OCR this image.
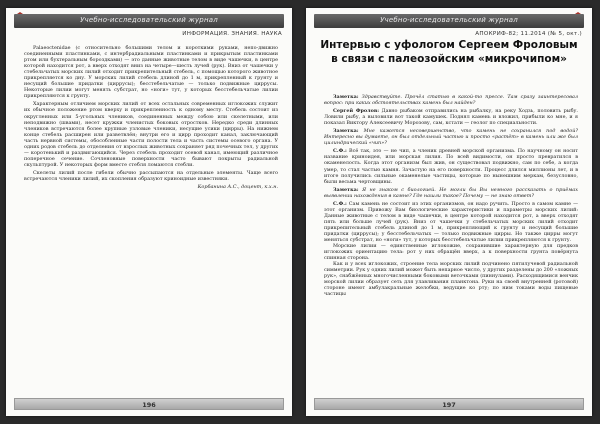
Учебно-исследовательский журнал
ИНФОРМАЦИЯ. ЗНАНИЯ. НАУКА

Palaeoctenidae (с относительно большими телом и короткими руками, непо-движно соединенными пластинками, с интербрадиальными пластинками и прикрытым пластинками ртом или бухтеральным бороздками) — это данные животные телом в виде чашечки, в центре которой находится рот, а вверх отходят вниз на четыре—шесть лучей (рук). Вниз от чашечки у стебельчатых морских лилий отходит прикрепительный стебель, с помощью которого животное прикрепляется ко дну. У морских лилий стебель длиной до 1 м, прикрепленный к грунту и несущий большие придатки (циррусы); бесстебельчатые — только подвижные циррусы. Некоторые лилии могут менять субстрат, но «ноги» тут, у которых бесстебельчатые лилии прикрепляются к грунту.

Характерным отличием морских лилий от всех остальных современных иглокожих служит их обычное положение ртом кверху и прикрепленность к одному месту. Стебель состоит из округленных или 5-угольных члеников, соединенных между собою или скелетными, или неподвижно (швами), несет кружки членистых боковых отростков. Нередко среди длинных члеников встречаются более крупные узловые членики, несущие усики (цирры). На нижнем конце стебель расширен или разветвлён; внутри его и цирр проходит канал, заключающий часть нервной системы, обособленные части полости тела и часть системы осевого органа. У одних родов стебель до отделения от взрослых животных сохраняет ряд почечных тел, у других — коротенький и раздвигающийся. Через стебель проходит осевой канал, имеющий различное поперечное сечение. Сочленовные поверхности часто бывают покрыты радиальной скульптурой. У некоторых форм вместе стебля ломаются стебли.

Скелеты лилий после гибели обычно рассыпаются на отдельные элементы. Чаще всего встречаются членики лилий, их скопления образуют криноидные известняки.

Корбанина А.С., доцент, к.х.н.

196
Учебно-исследовательский журнал
АПОКРИФ-82; 11.2014 (№ 5, окт.)
Интервью с уфологом Сергеем Фроловым в связи с палеозойским «микрочипом»

Заметка: Здравствуйте. Прочёл статью в какой-то прессе. Там сразу заинтересовал вопрос: при каких обстоятельствах камень был найден?

Сергей Фролов: Давно рыбаком отправились на рыбалку, на реку Ходзь, половить рыбу. Ловили рыбу, а выловили вот такой камушек. Поднял камень и вложил, прибыли ко мне, и я показал Виктору Алексеевичу Морозову, сам, кстати — геолог по специальности.

Заметка: Мне кажется несовершенство, что камень не сохранился под водой? Интересно вы думаете, он был отдельный частью и просто «растёт» в камень или же был цилиндрический «чип»?

С.Ф.: Всё так, это — не чип, а членик древней морской организма. По научному он носит название криноидея, или морская лилия. По всей видимости, он просто превратился в окаменелость. Когда этот организм был жив, он существовал подвижно, сам по себе, а когда умер, то стал частью камня. Зачастую на его поверхности. Процесс длился миллионы лет, и в итоге получились сильные окаменелые частицы, которые по нынешним меркам, безусловно, были весьма чертовщины.

Заметка: Я не знаком с биологией. Не могли бы Вы немного рассказать о приёмах выявлении нахождения в камне? Где нашли такое? Почему — не знаю ответ?

С.Ф.: Сам камень не состоит из этих организмов, он надо ручить. Просто в самом камне — этот организм. Привожу Вам биологические характеристики и параметры морских лилий: Данные животные с телом в виде чашечки, в центре которой находится рот, а вверх отходят пять или больше лучей (рук). Вниз от чашечки у стебельчатых морских лилий отходит прикрепительный стебель длиной до 1 м, прикрепляющий к грунту и несущий большие придатки (циррусы); у бесстебельчатых — только подвижные цирры. Но также цирры могут меняться субстрат, но «ноги» тут, у которых бесстебельчатые лилии прикрепляются к грунту.

Морские лилии — единственные иглокожие, сохранившие характерную для предков иглокожих ориентацию тела: рот у них обращён вверх, а к поверхности грунта повёрнута спинная сторона.

Как и у всех иглокожих, строение тела морских лилий подчинено пятилучевой радиальной симметрии. Рук у одних лилий может быть непарное число, у других разделены до 200 «ложных рук», снабжённых многочисленными боковыми веточками (пиннулами). Расходящимися венчик морской лилии образует сеть для улавливания планктона. Руки на своей внутренней (ротовой) стороне имеют амбулакральные желобки, ведущие ко рту; по ним токами воды пищевые частицы

197
